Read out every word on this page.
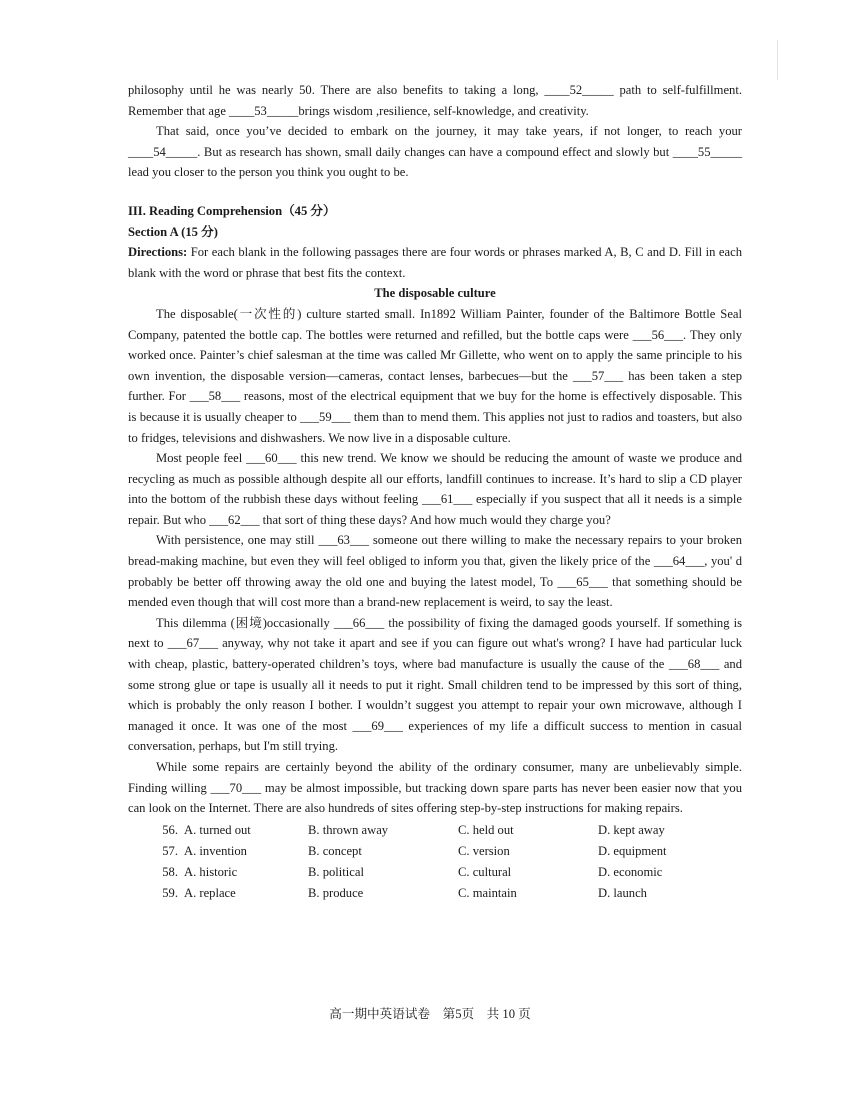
philosophy until he was nearly 50. There are also benefits to taking a long, ____52_____ path to self-fulfillment. Remember that age ____53_____brings wisdom ,resilience, self-knowledge, and creativity.

That said, once you’ve decided to embark on the journey, it may take years, if not longer, to reach your ____54_____. But as research has shown, small daily changes can have a compound effect and slowly but ____55_____ lead you closer to the person you think you ought to be.

III. Reading Comprehension（45 分）

Section A (15 分)

Directions: For each blank in the following passages there are four words or phrases marked A, B, C and D. Fill in each blank with the word or phrase that best fits the context.

The disposable culture

The disposable(一次性的) culture started small. In1892 William Painter, founder of the Baltimore Bottle Seal Company, patented the bottle cap. The bottles were returned and refilled, but the bottle caps were ___56___. They only worked once. Painter’s chief salesman at the time was called Mr Gillette, who went on to apply the same principle to his own invention, the disposable version—cameras, contact lenses, barbecues—but the ___57___ has been taken a step further. For ___58___ reasons, most of the electrical equipment that we buy for the home is effectively disposable. This is because it is usually cheaper to ___59___ them than to mend them. This applies not just to radios and toasters, but also to fridges, televisions and dishwashers. We now live in a disposable culture.

Most people feel ___60___ this new trend. We know we should be reducing the amount of waste we produce and recycling as much as possible although despite all our efforts, landfill continues to increase. It’s hard to slip a CD player into the bottom of the rubbish these days without feeling ___61___ especially if you suspect that all it needs is a simple repair. But who ___62___ that sort of thing these days? And how much would they charge you?

With persistence, one may still ___63___ someone out there willing to make the necessary repairs to your broken bread-making machine, but even they will feel obliged to inform you that, given the likely price of the ___64___, you' d probably be better off throwing away the old one and buying the latest model, To ___65___ that something should be mended even though that will cost more than a brand-new replacement is weird, to say the least.

This dilemma (困境)occasionally ___66___ the possibility of fixing the damaged goods yourself. If something is next to ___67___ anyway, why not take it apart and see if you can figure out what's wrong? I have had particular luck with cheap, plastic, battery-operated children’s toys, where bad manufacture is usually the cause of the ___68___ and some strong glue or tape is usually all it needs to put it right. Small children tend to be impressed by this sort of thing, which is probably the only reason I bother. I wouldn’t suggest you attempt to repair your own microwave, although I managed it once. It was one of the most ___69___ experiences of my life a difficult success to mention in casual conversation, perhaps, but I'm still trying.

While some repairs are certainly beyond the ability of the ordinary consumer, many are unbelievably simple. Finding willing ___70___ may be almost impossible, but tracking down spare parts has never been easier now that you can look on the Internet. There are also hundreds of sites offering step-by-step instructions for making repairs.

56. A. turned out	B. thrown away	C. held out	D. kept away
57. A. invention	B. concept	C. version	D. equipment
58. A. historic	B. political	C. cultural	D. economic
59. A. replace	B. produce	C. maintain	D. launch
高一期中英语试卷　第5页　共 10 页
